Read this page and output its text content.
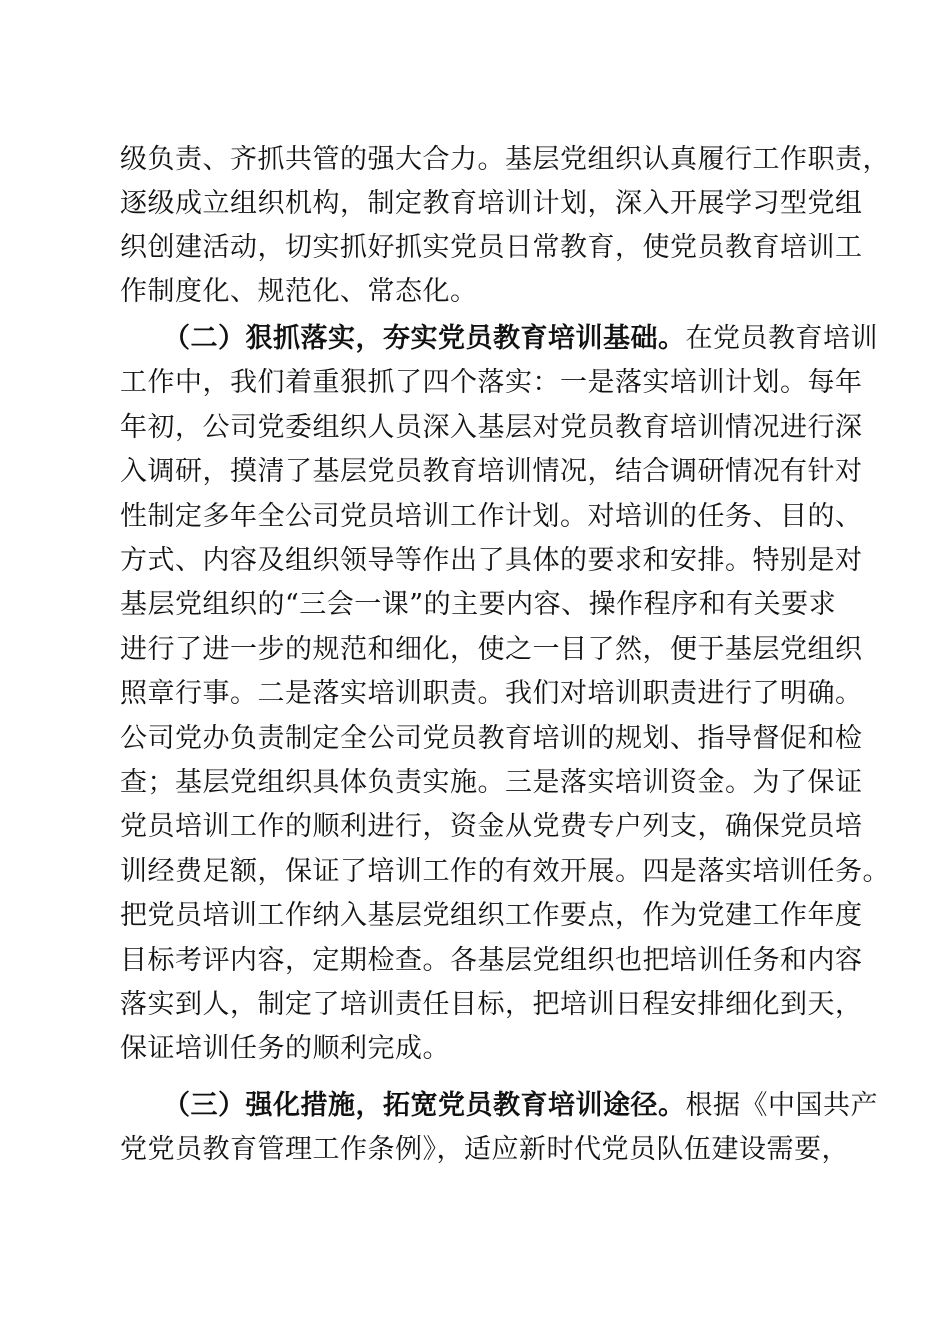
级负责、齐抓共管的强大合力。基层党组织认真履行工作职责，
逐级成立组织机构，制定教育培训计划，深入开展学习型党组
织创建活动，切实抓好抓实党员日常教育，使党员教育培训工
作制度化、规范化、常态化。
（二）狠抓落实，夯实党员教育培训基础。在党员教育培训
工作中，我们着重狠抓了四个落实：一是落实培训计划。每年
年初，公司党委组织人员深入基层对党员教育培训情况进行深
入调研，摸清了基层党员教育培训情况，结合调研情况有针对
性制定多年全公司党员培训工作计划。对培训的任务、目的、
方式、内容及组织领导等作出了具体的要求和安排。特别是对
基层党组织的“三会一课”的主要内容、操作程序和有关要求
进行了进一步的规范和细化，使之一目了然，便于基层党组织
照章行事。二是落实培训职责。我们对培训职责进行了明确。
公司党办负责制定全公司党员教育培训的规划、指导督促和检
查；基层党组织具体负责实施。三是落实培训资金。为了保证
党员培训工作的顺利进行，资金从党费专户列支，确保党员培
训经费足额，保证了培训工作的有效开展。四是落实培训任务。
把党员培训工作纳入基层党组织工作要点，作为党建工作年度
目标考评内容，定期检查。各基层党组织也把培训任务和内容
落实到人，制定了培训责任目标，把培训日程安排细化到天，
保证培训任务的顺利完成。
（三）强化措施，拓宽党员教育培训途径。根据《中国共产
党党员教育管理工作条例》，适应新时代党员队伍建设需要，
